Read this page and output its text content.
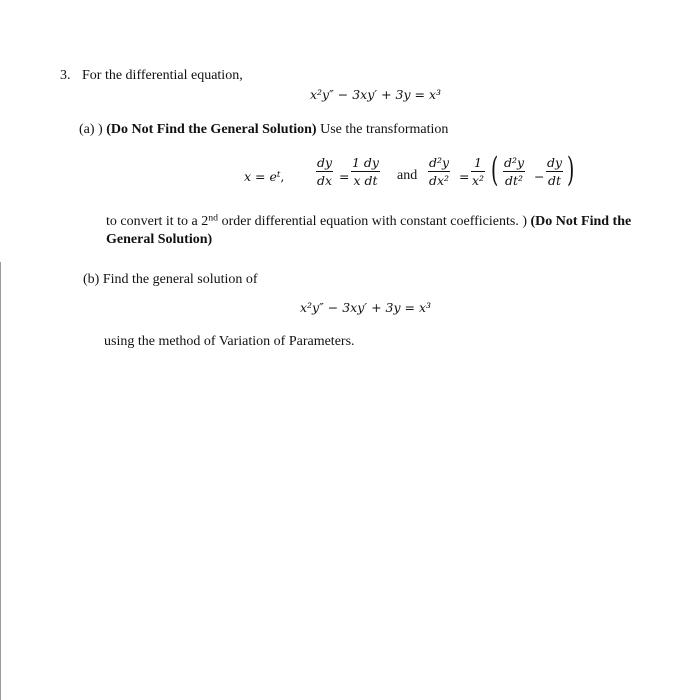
3. For the differential equation,
x²y″ − 3xy′ + 3y = x³
(a) ) (Do Not Find the General Solution) Use the transformation
$x = e^t$,
dy
dx =
1 dy
x dt and
d²y
dx² =
1
x² ( d²y
dt² −
dy
dt )
to convert it to a 2nd order differential equation with constant coefficients. ) (Do Not Find the
General Solution)
(b) Find the general solution of
x²y″ − 3xy′ + 3y = x³
using the method of Variation of Parameters.
